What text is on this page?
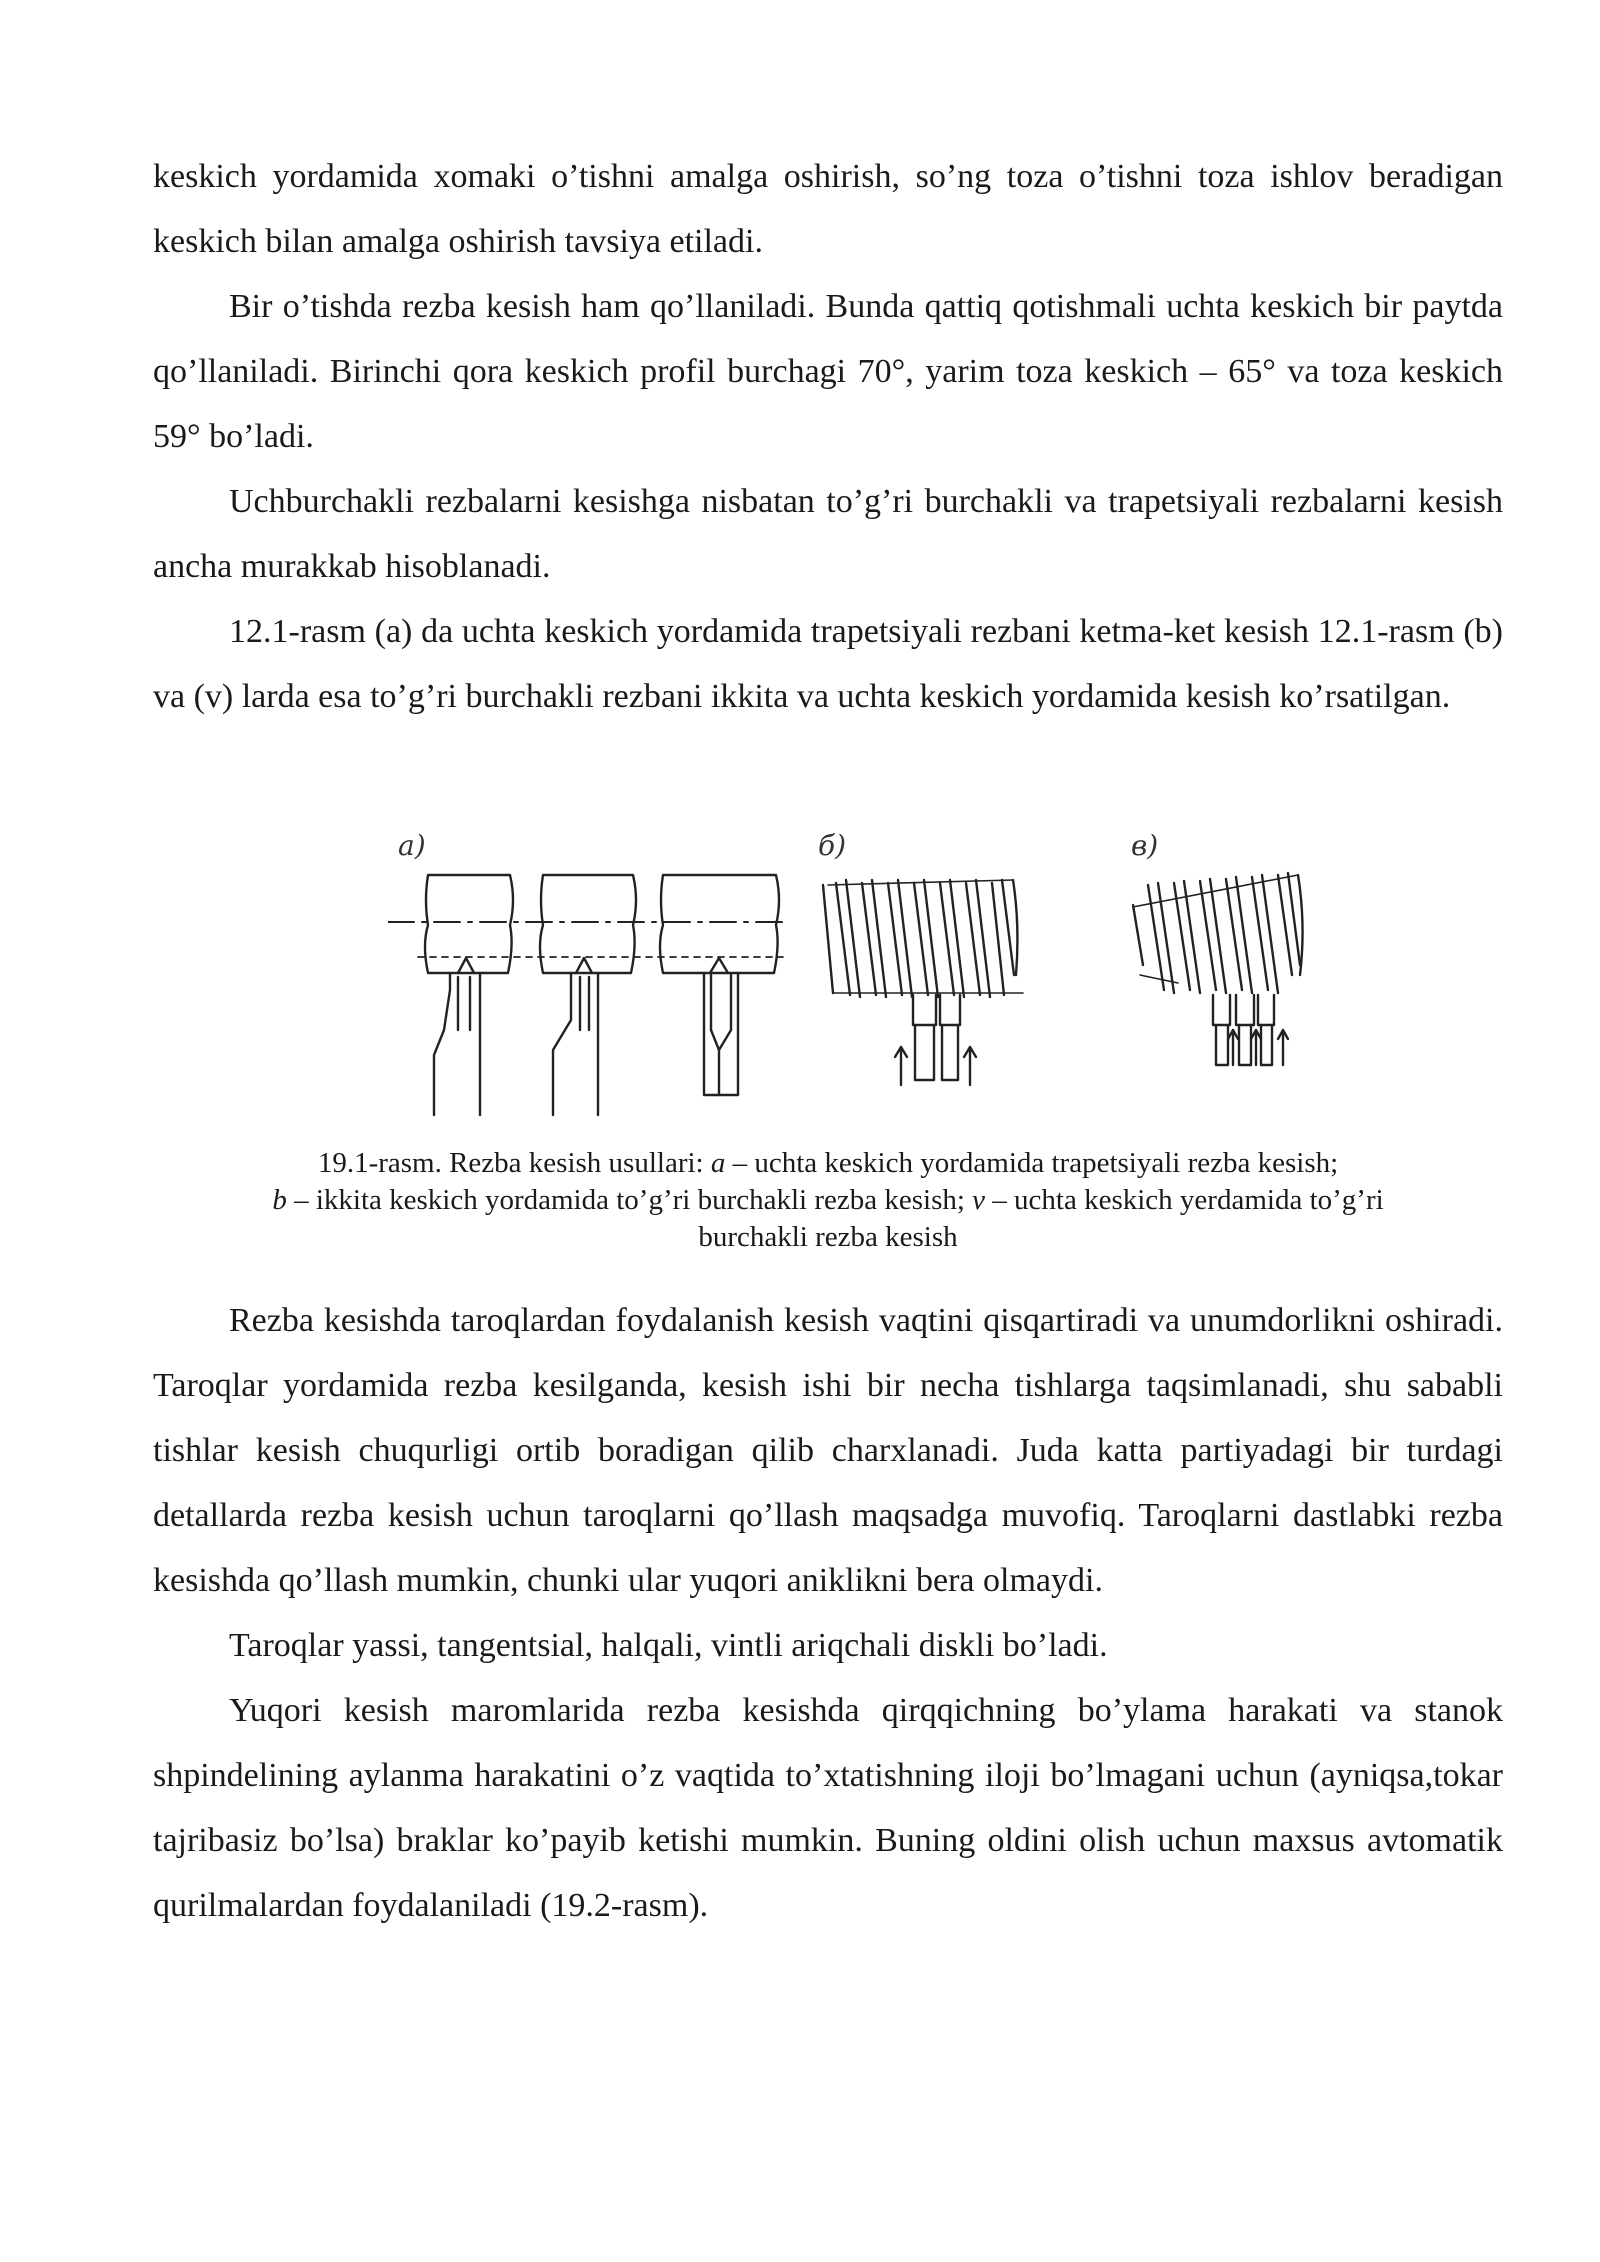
keskich yordamida xomaki o’tishni amalga oshirish, so’ng toza o’tishni toza ishlov beradigan keskich bilan amalga oshirish tavsiya etiladi.

Bir o’tishda rezba kesish ham qo’llaniladi. Bunda qattiq qotishmali uchta keskich bir paytda qo’llaniladi. Birinchi qora keskich profil burchagi 70°, yarim toza keskich – 65° va toza keskich 59° bo’ladi.

Uchburchakli rezbalarni kesishga nisbatan to’g’ri burchakli va trapetsiyali rezbalarni kesish ancha murakkab hisoblanadi.

12.1-rasm (a) da uchta keskich yordamida trapetsiyali rezbani ketma-ket kesish 12.1-rasm (b) va (v) larda esa to’g’ri burchakli rezbani ikkita va uchta keskich yordamida kesish ko’rsatilgan.

а)	б)	в)

19.1-rasm. Rezba kesish usullari: a – uchta keskich yordamida trapetsiyali rezba kesish;

b – ikkita keskich yordamida to’g’ri burchakli rezba kesish; v – uchta keskich yerdamida to’g’ri

burchakli rezba kesish

Rezba kesishda taroqlardan foydalanish kesish vaqtini qisqartiradi va unumdorlikni oshiradi. Taroqlar yordamida rezba kesilganda, kesish ishi bir necha tishlarga taqsimlanadi, shu sababli tishlar kesish chuqurligi ortib boradigan qilib charxlanadi. Juda katta partiyadagi bir turdagi detallarda rezba kesish uchun taroqlarni qo’llash maqsadga muvofiq. Taroqlarni dastlabki rezba kesishda qo’llash mumkin, chunki ular yuqori aniklikni bera olmaydi.

Taroqlar yassi, tangentsial, halqali, vintli ariqchali diskli bo’ladi.

Yuqori kesish maromlarida rezba kesishda qirqqichning bo’ylama harakati va stanok shpindelining aylanma harakatini o’z vaqtida to’xtatishning iloji bo’lmagani uchun (ayniqsa,tokar tajribasiz bo’lsa) braklar ko’payib ketishi mumkin. Buning oldini olish uchun maxsus avtomatik qurilmalardan foydalaniladi (19.2-rasm).
